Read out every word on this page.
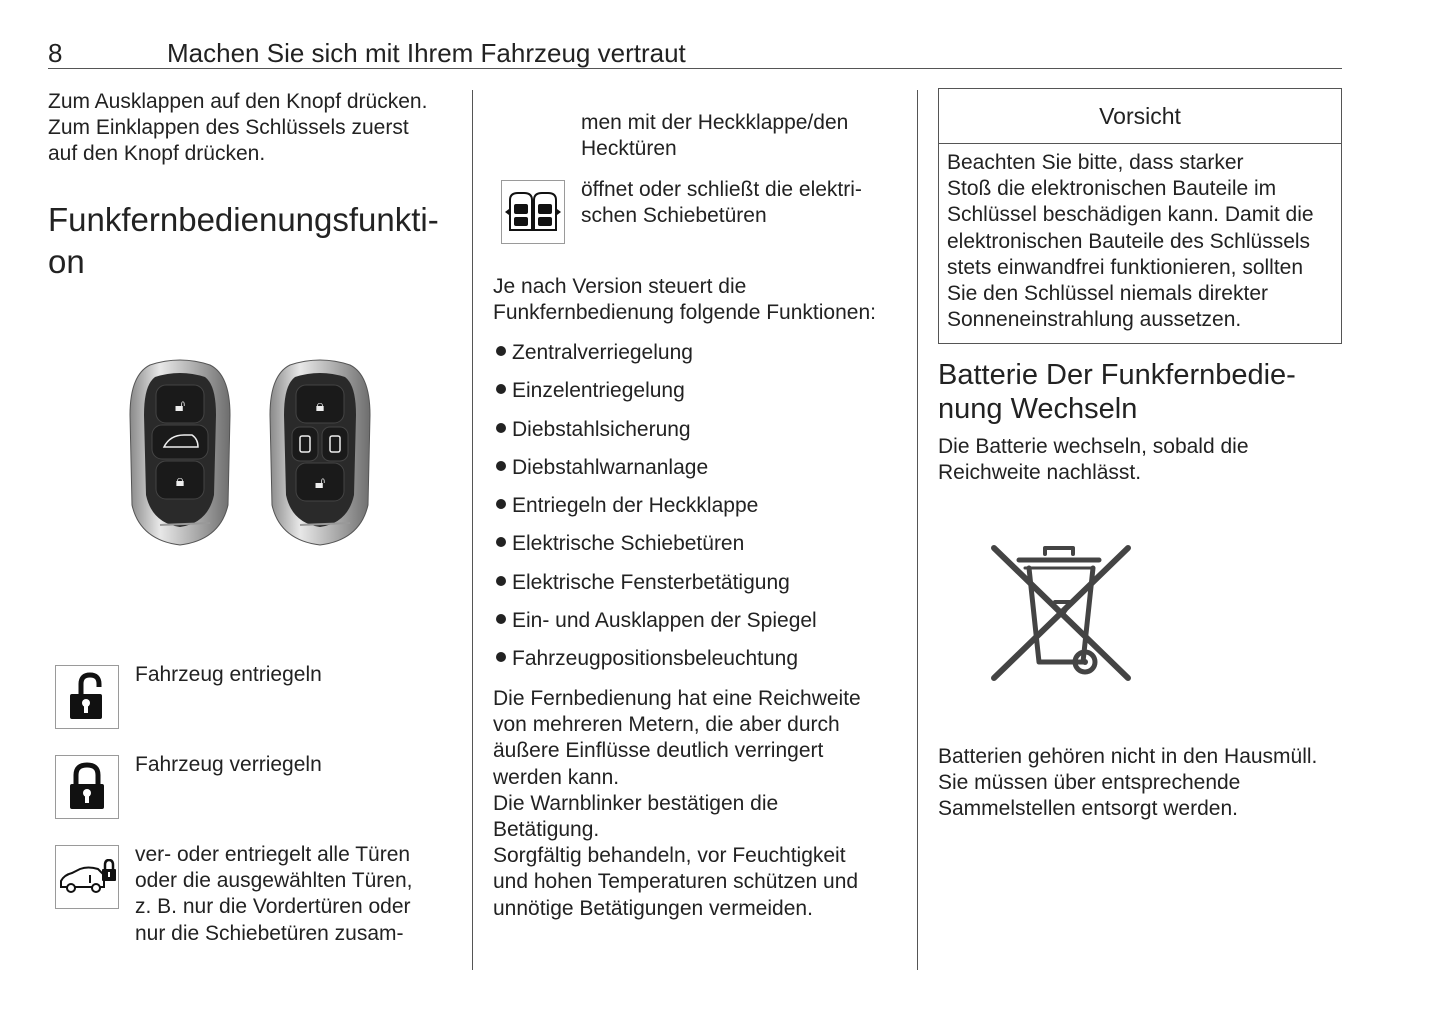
8	Machen Sie sich mit Ihrem Fahrzeug vertraut
Zum Ausklappen auf den Knopf drücken.
Zum Einklappen des Schlüssels zuerst
auf den Knopf drücken.
Funkfernbedienungsfunkti-
on
🔓︎
🔒︎
🔒︎
🔓︎
Fahrzeug entriegeln
Fahrzeug verriegeln
ver- oder entriegelt alle Türen
oder die ausgewählten Türen,
z. B. nur die Vordertüren oder
nur die Schiebetüren zusam-
men mit der Heckklappe/den
Hecktüren
öffnet oder schließt die elektri-
schen Schiebetüren
Je nach Version steuert die
Funkfernbedienung folgende Funktionen:
Zentralverriegelung
Einzelentriegelung
Diebstahlsicherung
Diebstahlwarnanlage
Entriegeln der Heckklappe
Elektrische Schiebetüren
Elektrische Fensterbetätigung
Ein- und Ausklappen der Spiegel
Fahrzeugpositionsbeleuchtung
Die Fernbedienung hat eine Reichweite
von mehreren Metern, die aber durch
äußere Einflüsse deutlich verringert
werden kann.
Die Warnblinker bestätigen die
Betätigung.
Sorgfältig behandeln, vor Feuchtigkeit
und hohen Temperaturen schützen und
unnötige Betätigungen vermeiden.
Vorsicht
Beachten Sie bitte, dass starker
Stoß die elektronischen Bauteile im
Schlüssel beschädigen kann. Damit die
elektronischen Bauteile des Schlüssels
stets einwandfrei funktionieren, sollten
Sie den Schlüssel niemals direkter
Sonneneinstrahlung aussetzen.
Batterie Der Funkfernbedie-
nung Wechseln
Die Batterie wechseln, sobald die
Reichweite nachlässt.
Batterien gehören nicht in den Hausmüll.
Sie müssen über entsprechende
Sammelstellen entsorgt werden.
